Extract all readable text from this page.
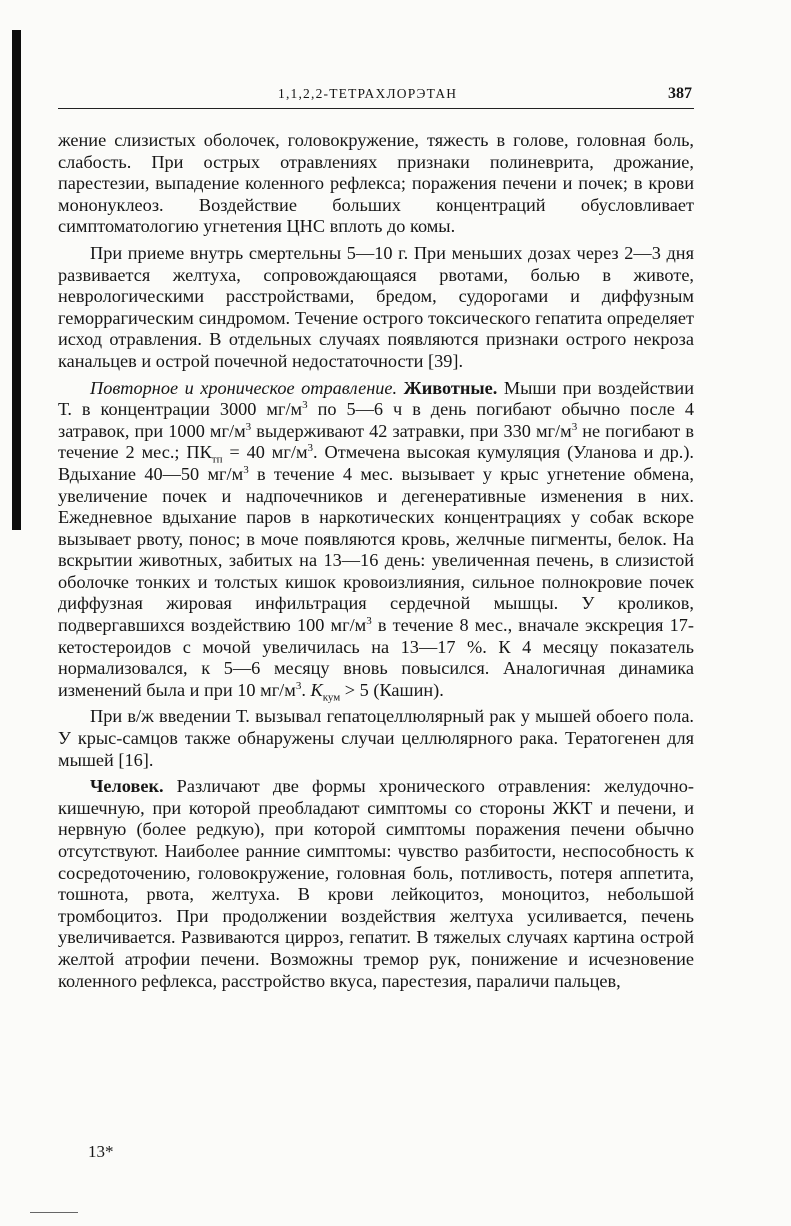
1,1,2,2-ТЕТРАХЛОРЭТАН	387

жение слизистых оболочек, головокружение, тяжесть в голове, головная боль, слабость. При острых отравлениях признаки полиневрита, дрожание, парестезии, выпадение коленного рефлекса; поражения печени и почек; в крови мононуклеоз. Воздействие больших концентраций обусловливает симптоматологию угнетения ЦНС вплоть до комы.

При приеме внутрь смертельны 5—10 г. При меньших дозах через 2—3 дня развивается желтуха, сопровождающаяся рвотами, болью в животе, неврологическими расстройствами, бредом, судорогами и диффузным геморрагическим синдромом. Течение острого токсического гепатита определяет исход отравления. В отдельных случаях появляются признаки острого некроза канальцев и острой почечной недостаточности [39].

Повторное и хроническое отравление. Животные. Мыши при воздействии Т. в концентрации 3000 $мг/м^3$ по 5—6 ч в день погибают обычно после 4 затравок, при 1000 $мг/м^3$ выдерживают 42 затравки, при 330 $мг/м^3$ не погибают в течение 2 мес.; $ПК_{тп} = 40$ $мг/м^3$. Отмечена высокая кумуляция (Уланова и др.). Вдыхание 40—50 $мг/м^3$ в течение 4 мес. вызывает у крыс угнетение обмена, увеличение почек и надпочечников и дегенеративные изменения в них. Ежедневное вдыхание паров в наркотических концентрациях у собак вскоре вызывает рвоту, понос; в моче появляются кровь, желчные пигменты, белок. На вскрытии животных, забитых на 13—16 день: увеличенная печень, в слизистой оболочке тонких и толстых кишок кровоизлияния, сильное полнокровие почек диффузная жировая инфильтрация сердечной мышцы. У кроликов, подвергавшихся воздействию 100 $мг/м^3$ в течение 8 мес., вначале экскреция 17-кетостероидов с мочой увеличилась на 13—17 %. К 4 месяцу показатель нормализовался, к 5—6 месяцу вновь повысился. Аналогичная динамика изменений была и при 10 $мг/м^3$. $K_{кум} > 5$ (Кашин).

При в/ж введении Т. вызывал гепатоцеллюлярный рак у мышей обоего пола. У крыс-самцов также обнаружены случаи целлюлярного рака. Тератогенен для мышей [16].

Человек. Различают две формы хронического отравления: желудочно-кишечную, при которой преобладают симптомы со стороны ЖКТ и печени, и нервную (более редкую), при которой симптомы поражения печени обычно отсутствуют. Наиболее ранние симптомы: чувство разбитости, неспособность к сосредоточению, головокружение, головная боль, потливость, потеря аппетита, тошнота, рвота, желтуха. В крови лейкоцитоз, моноцитоз, небольшой тромбоцитоз. При продолжении воздействия желтуха усиливается, печень увеличивается. Развиваются цирроз, гепатит. В тяжелых случаях картина острой желтой атрофии печени. Возможны тремор рук, понижение и исчезновение коленного рефлекса, расстройство вкуса, парестезия, параличи пальцев,

13*
